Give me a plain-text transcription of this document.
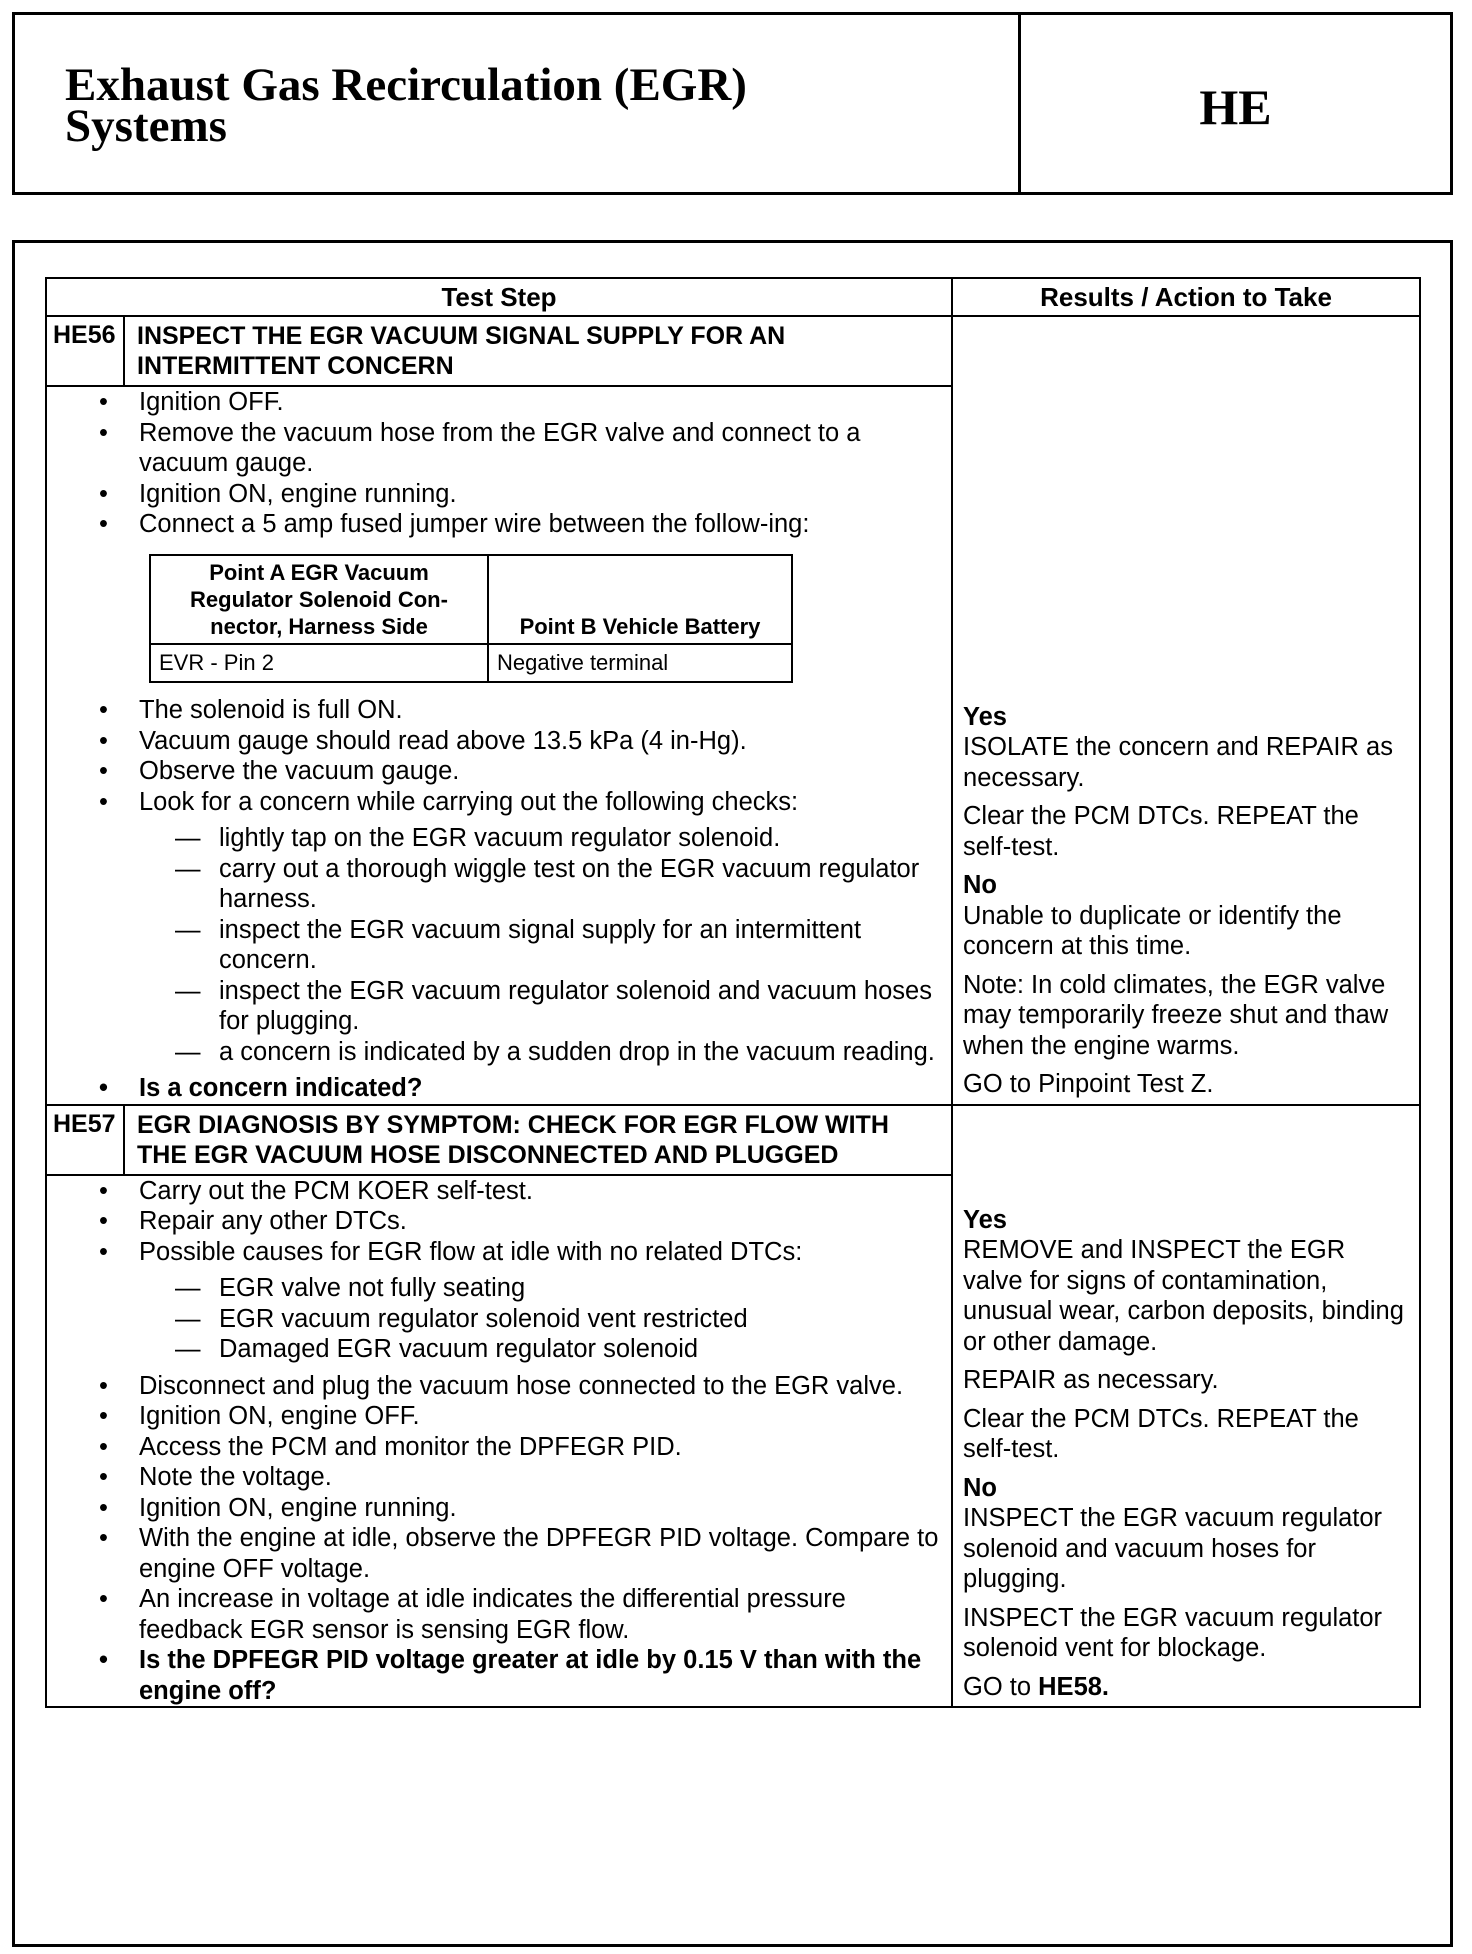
Exhaust Gas Recirculation (EGR)
Systems	HE
Test Step	Results / Action to Take
HE56	INSPECT THE EGR VACUUM SIGNAL SUPPLY FOR AN INTERMITTENT CONCERN	

Yes

ISOLATE the concern and REPAIR as necessary.

Clear the PCM DTCs. REPEAT the self-test.

No

Unable to duplicate or identify the concern at this time.

Note: In cold climates, the EGR valve may temporarily freeze shut and thaw when the engine warms.

GO to Pinpoint Test Z.

• Ignition OFF.
• Remove the vacuum hose from the EGR valve and connect to a vacuum gauge.
• Ignition ON, engine running.
• Connect a 5 amp fused jumper wire between the follow-ing:
Point A EGR Vacuum Regulator Solenoid Con-nector, Harness Side	Point B Vehicle Battery
EVR - Pin 2	Negative terminal
• The solenoid is full ON.
• Vacuum gauge should read above 13.5 kPa (4 in-Hg).
• Observe the vacuum gauge.
• Look for a concern while carrying out the following checks:
— lightly tap on the EGR vacuum regulator solenoid.
— carry out a thorough wiggle test on the EGR vacuum regulator harness.
— inspect the EGR vacuum signal supply for an intermittent concern.
— inspect the EGR vacuum regulator solenoid and vacuum hoses for plugging.
— a concern is indicated by a sudden drop in the vacuum reading.
• Is a concern indicated?

HE57	EGR DIAGNOSIS BY SYMPTOM: CHECK FOR EGR FLOW WITH THE EGR VACUUM HOSE DISCONNECTED AND PLUGGED	

Yes

REMOVE and INSPECT the EGR valve for signs of contamination, unusual wear, carbon deposits, binding or other damage.

REPAIR as necessary.

Clear the PCM DTCs. REPEAT the self-test.

No

INSPECT the EGR vacuum regulator solenoid and vacuum hoses for plugging.

INSPECT the EGR vacuum regulator solenoid vent for blockage.

GO to HE58.

• Carry out the PCM KOER self-test.
• Repair any other DTCs.
• Possible causes for EGR flow at idle with no related DTCs:
— EGR valve not fully seating
— EGR vacuum regulator solenoid vent restricted
— Damaged EGR vacuum regulator solenoid
• Disconnect and plug the vacuum hose connected to the EGR valve.
• Ignition ON, engine OFF.
• Access the PCM and monitor the DPFEGR PID.
• Note the voltage.
• Ignition ON, engine running.
• With the engine at idle, observe the DPFEGR PID voltage. Compare to engine OFF voltage.
• An increase in voltage at idle indicates the differential pressure feedback EGR sensor is sensing EGR flow.
• Is the DPFEGR PID voltage greater at idle by 0.15 V than with the engine off?
